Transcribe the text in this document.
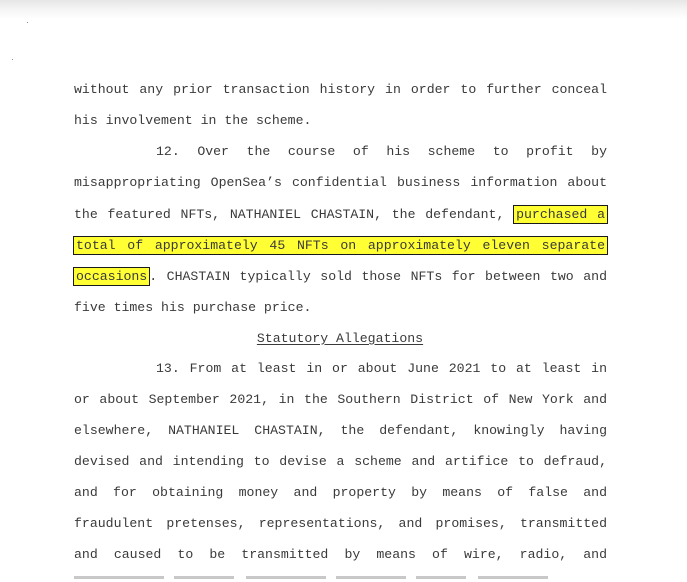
without any prior transaction history in order to further conceal
his involvement in the scheme.
12. Over the course of his scheme to profit by
misappropriating OpenSea’s confidential business information about
the featured NFTs, NATHANIEL CHASTAIN, the defendant, purchased a
total of approximately 45 NFTs on approximately eleven separate
occasions . CHASTAIN typically sold those NFTs for between two and
five times his purchase price.
Statutory Allegations
13. From at least in or about June 2021 to at least in
or about September 2021, in the Southern District of New York and
elsewhere, NATHANIEL CHASTAIN, the defendant, knowingly having
devised and intending to devise a scheme and artifice to defraud,
and for obtaining money and property by means of false and
fraudulent pretenses, representations, and promises, transmitted
and caused to be transmitted by means of wire, radio, and
